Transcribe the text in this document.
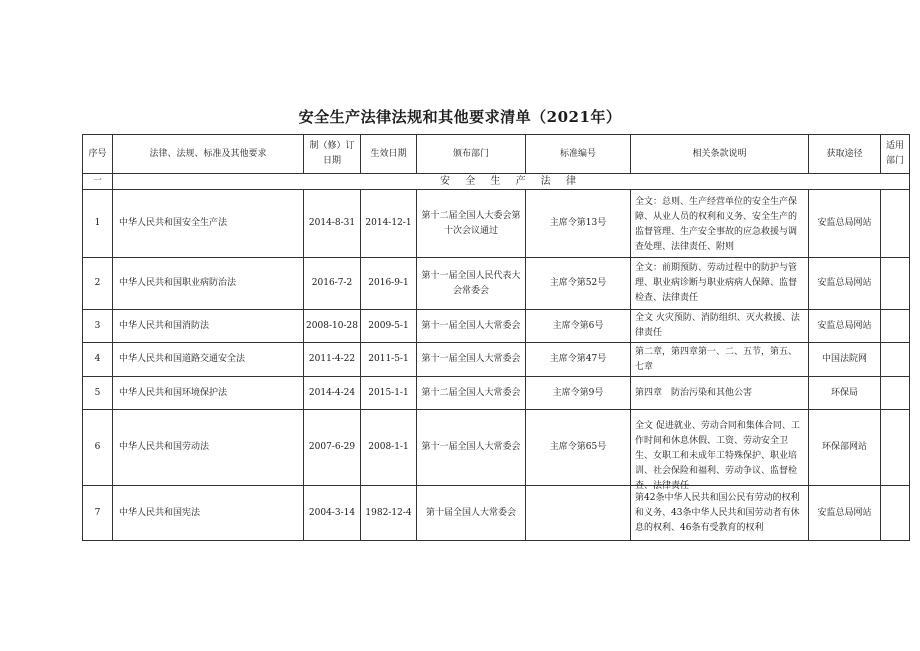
安全生产法律法规和其他要求清单（2021年）
序号	法律、法规、标准及其他要求	制（修）订日期	生效日期	颁布部门	标准编号	相关条款说明	获取途径	适用部门
一	安 全 生 产 法 律							

1	中华人民共和国安全生产法	2014-8-31	2014-12-1	第十二届全国人大委会第十次会议通过	主席令第13号	全文：总则、生产经营单位的安全生产保障、从业人员的权利和义务、安全生产的监督管理、生产安全事故的应急救援与调查处理、法律责任、附则	安监总局网站	

2	中华人民共和国职业病防治法	2016-7-2	2016-9-1	第十一届全国人民代表大会常委会	主席令第52号	全文：前期预防、劳动过程中的防护与管理、职业病诊断与职业病病人保障、监督检查、法律责任	安监总局网站	

3	中华人民共和国消防法	2008-10-28	2009-5-1	第十一届全国人大常委会	主席令第6号	全文 火灾预防、消防组织、灭火救援、法律责任	安监总局网站	

4	中华人民共和国道路交通安全法	2011-4-22	2011-5-1	第十一届全国人大常委会	主席令第47号	第二章，第四章第一、二、五节，第五、七章	中国法院网	

5	中华人民共和国环境保护法	2014-4-24	2015-1-1	第十二届全国人大常委会	主席令第9号	第四章　防治污染和其他公害	环保局	

6	中华人民共和国劳动法	2007-6-29	2008-1-1	第十一届全国人大常委会	主席令第65号	全文 促进就业、劳动合同和集体合同、工作时间和休息休假、工资、劳动安全卫生、女职工和未成年工特殊保护、职业培训、社会保险和福利、劳动争议、监督检查、法律责任	环保部网站	

7	中华人民共和国宪法	2004-3-14	1982-12-4	第十届全国人大常委会		第42条中华人民共和国公民有劳动的权利和义务、43条中华人民共和国劳动者有休息的权利、46条有受教育的权利	安监总局网站	
